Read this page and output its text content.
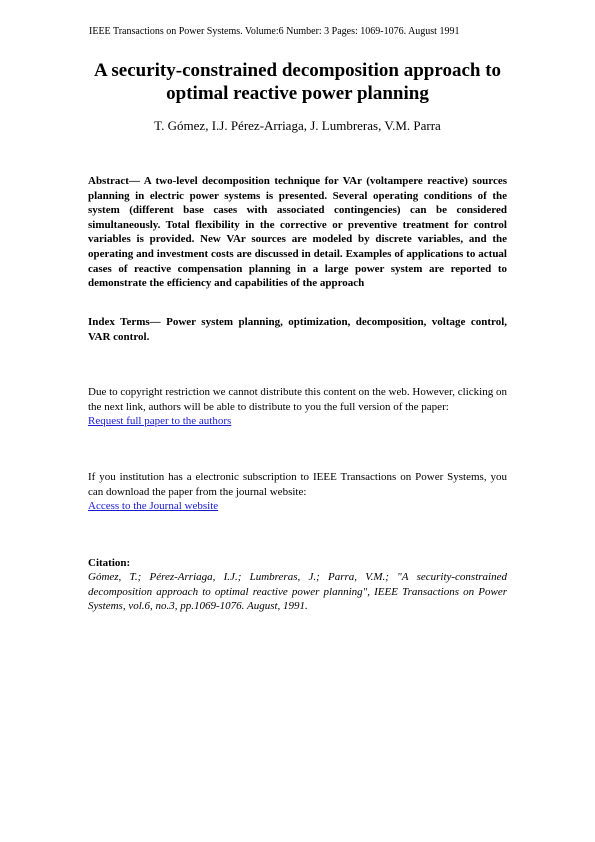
IEEE Transactions on Power Systems. Volume:6 Number: 3 Pages: 1069-1076. August 1991
A security-constrained decomposition approach to
optimal reactive power planning
T. Gómez, I.J. Pérez-Arriaga, J. Lumbreras, V.M. Parra
Abstract— A two-level decomposition technique for VAr (voltampere reactive) sources planning in electric power systems is presented. Several operating conditions of the system (different base cases with associated contingencies) can be considered simultaneously. Total flexibility in the corrective or preventive treatment for control variables is provided. New VAr sources are modeled by discrete variables, and the operating and investment costs are discussed in detail. Examples of applications to actual cases of reactive compensation planning in a large power system are reported to demonstrate the efficiency and capabilities of the approach
Index Terms— Power system planning, optimization, decomposition, voltage control, VAR control.
Due to copyright restriction we cannot distribute this content on the web. However, clicking on the next link, authors will be able to distribute to you the full version of the paper:
Request full paper to the authors
If you institution has a electronic subscription to IEEE Transactions on Power Systems, you can download the paper from the journal website:
Access to the Journal website
Citation:
Gómez, T.; Pérez-Arriaga, I.J.; Lumbreras, J.; Parra, V.M.; "A security-constrained decomposition approach to optimal reactive power planning", IEEE Transactions on Power Systems, vol.6, no.3, pp.1069-1076. August, 1991.
